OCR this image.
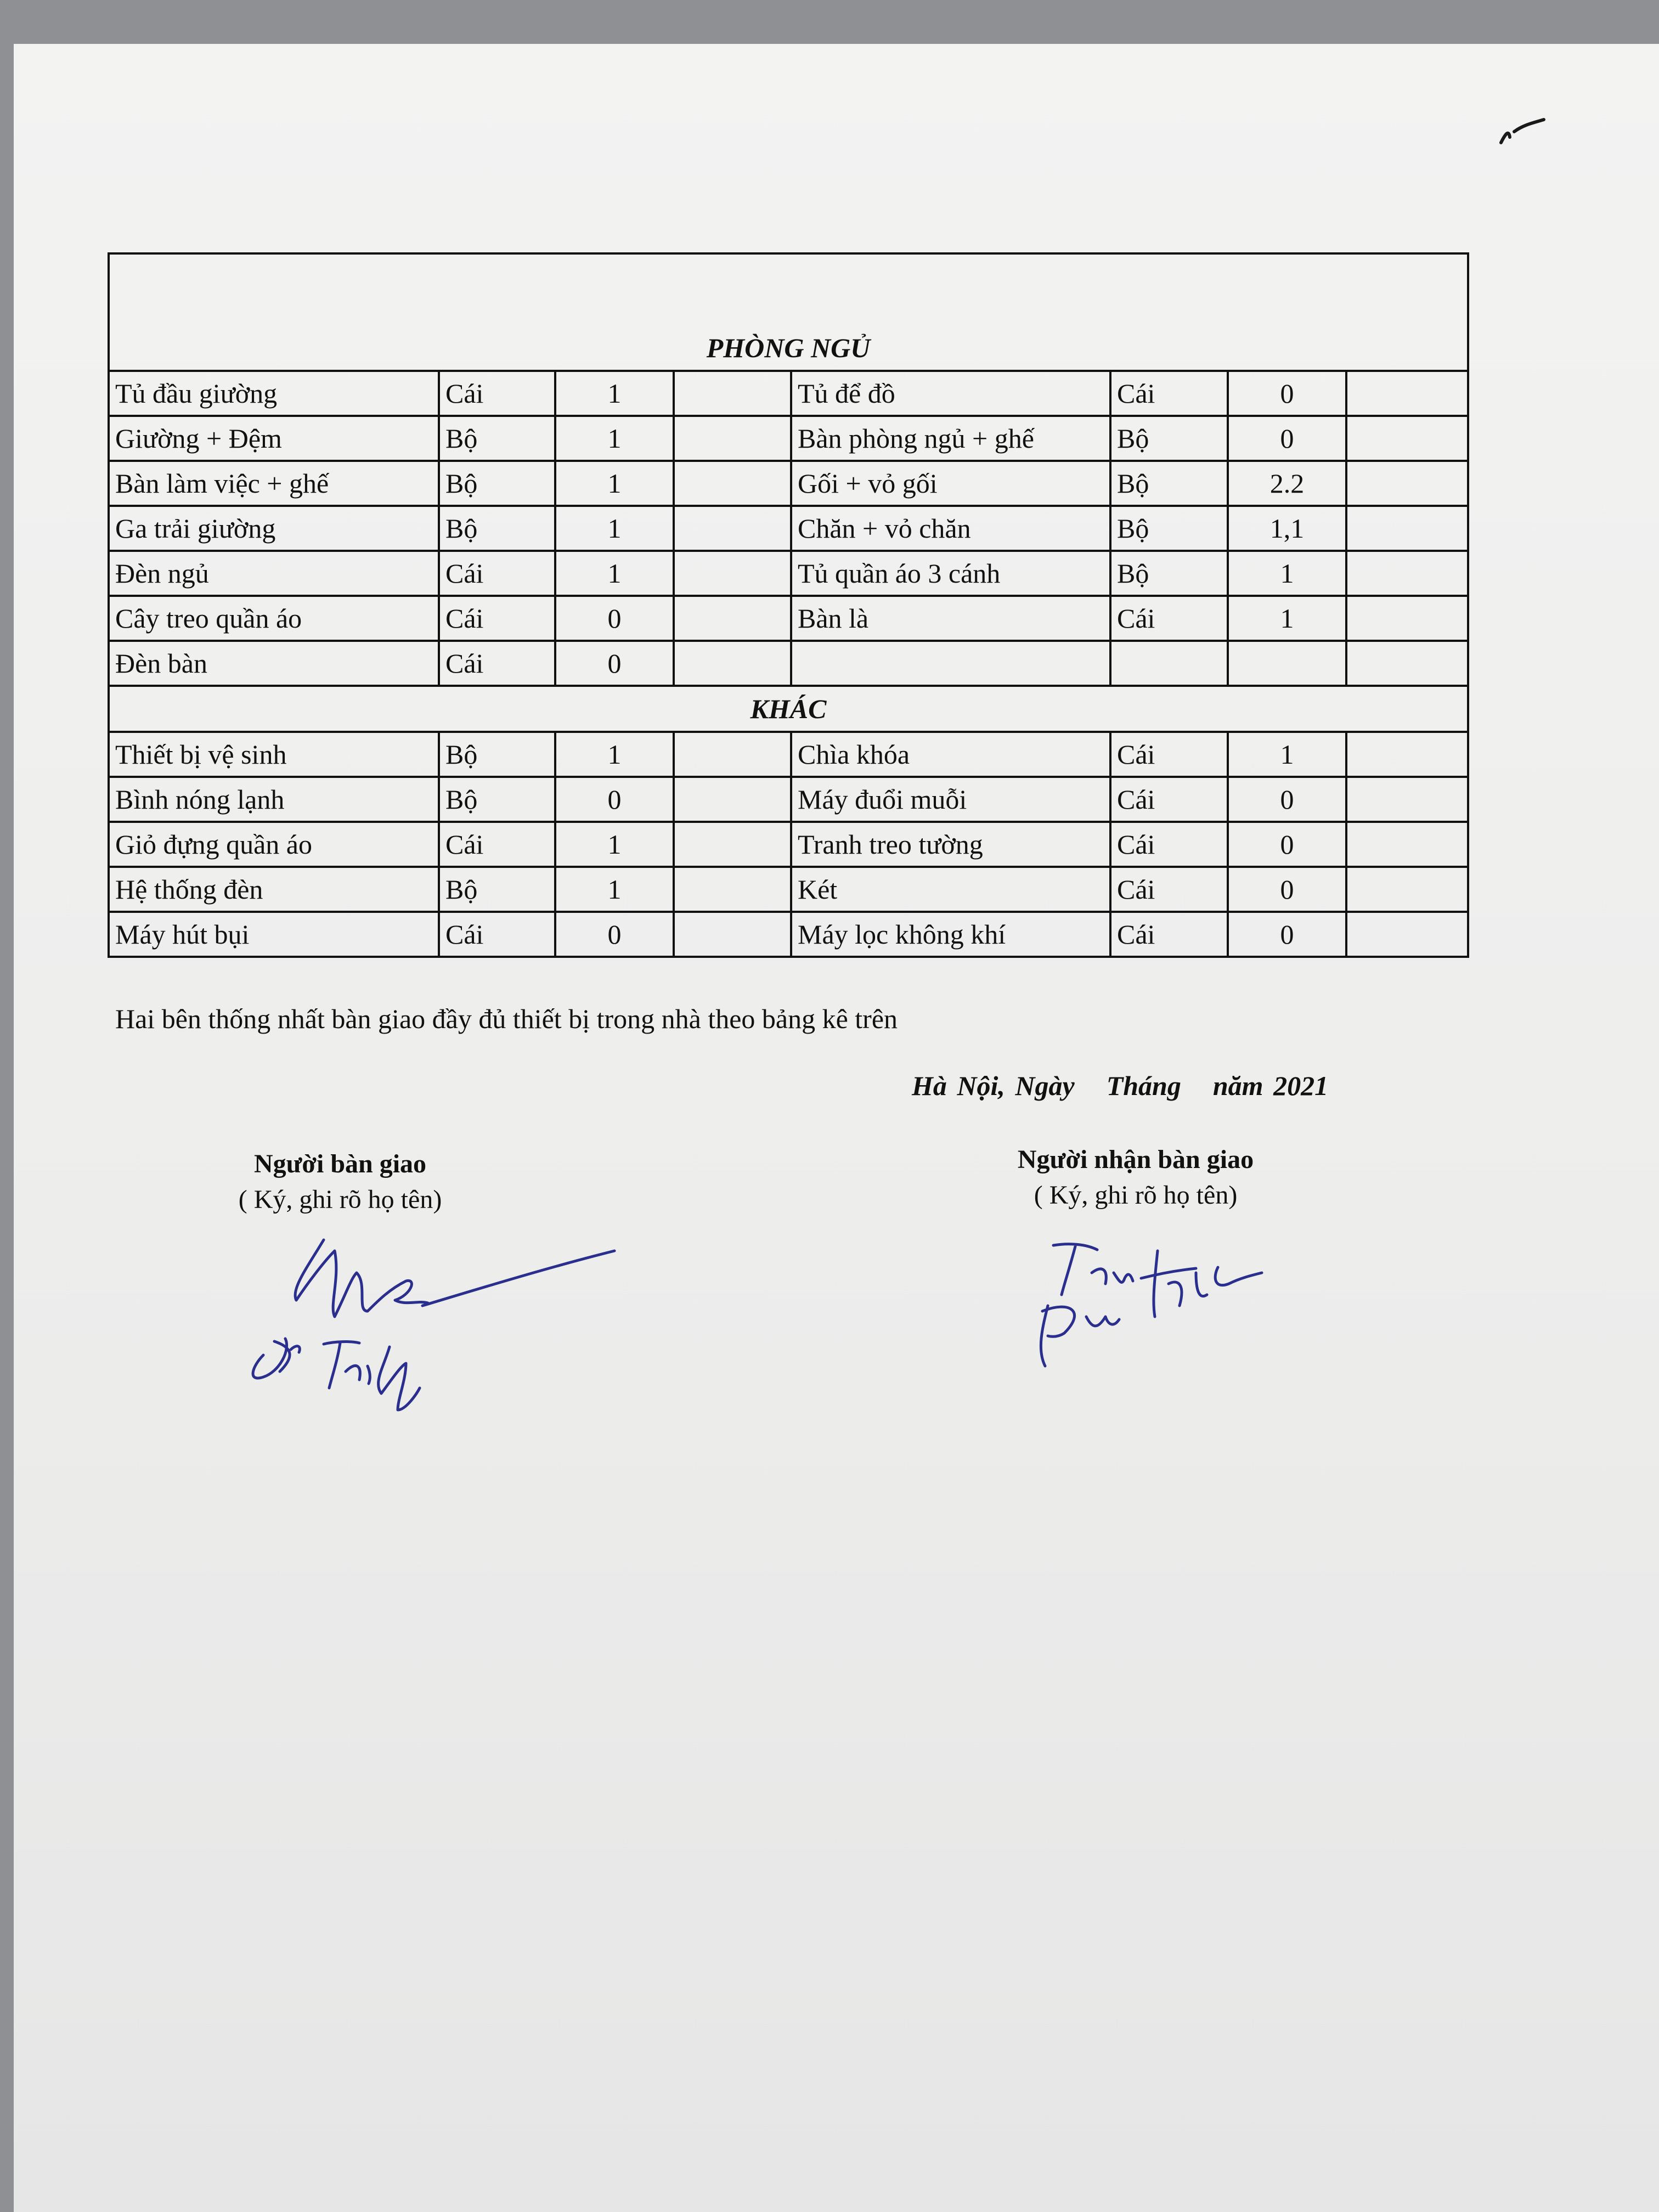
PHÒNG NGỦ							
Tủ đầu giường	Cái	1		Tủ để đồ	Cái	0	
Giường + Đệm	Bộ	1		Bàn phòng ngủ + ghế	Bộ	0	
Bàn làm việc + ghế	Bộ	1		Gối + vỏ gối	Bộ	2.2	
Ga trải giường	Bộ	1		Chăn + vỏ chăn	Bộ	1,1	
Đèn ngủ	Cái	1		Tủ quần áo 3 cánh	Bộ	1	
Cây treo quần áo	Cái	0		Bàn là	Cái	1	
Đèn bàn	Cái	0					
KHÁC							
Thiết bị vệ sinh	Bộ	1		Chìa khóa	Cái	1	
Bình nóng lạnh	Bộ	0		Máy đuổi muỗi	Cái	0	
Giỏ đựng quần áo	Cái	1		Tranh treo tường	Cái	0	
Hệ thống đèn	Bộ	1		Két	Cái	0	
Máy hút bụi	Cái	0		Máy lọc không khí	Cái	0	
Hai bên thống nhất bàn giao đầy đủ thiết bị trong nhà theo bảng kê trên
Hà Nội, Ngày Tháng năm 2021
Người bàn giao
( Ký, ghi rõ họ tên)
Người nhận bàn giao
( Ký, ghi rõ họ tên)
